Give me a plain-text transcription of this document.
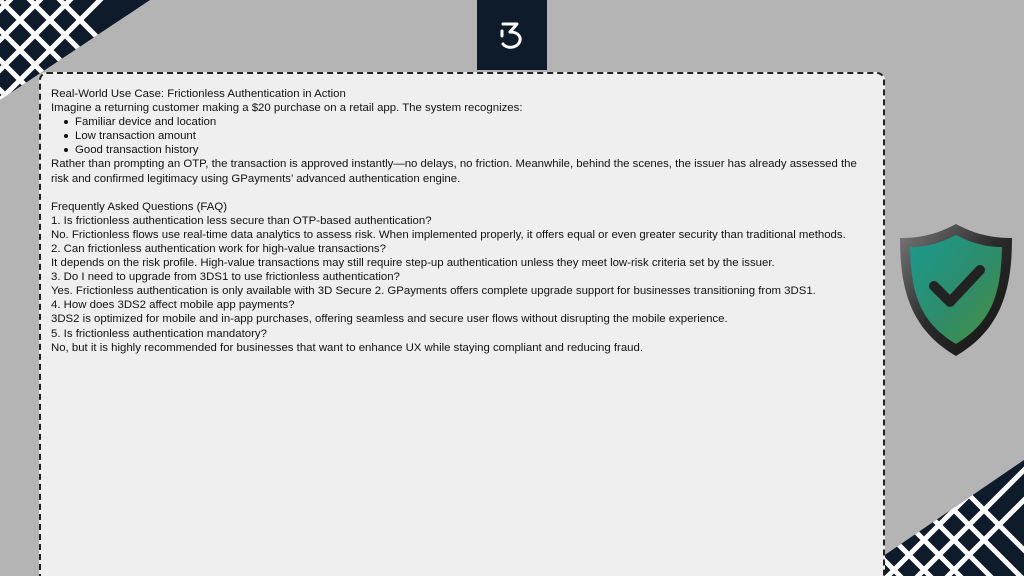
Real-World Use Case: Frictionless Authentication in Action

Imagine a returning customer making a $20 purchase on a retail app. The system recognizes:

Familiar device and location
Low transaction amount
Good transaction history

Rather than prompting an OTP, the transaction is approved instantly—no delays, no friction. Meanwhile, behind the scenes, the issuer has already assessed the risk and confirmed legitimacy using GPayments’ advanced authentication engine.

Frequently Asked Questions (FAQ)
1. Is frictionless authentication less secure than OTP-based authentication?

No. Frictionless flows use real-time data analytics to assess risk. When implemented properly, it offers equal or even greater security than traditional methods.

2. Can frictionless authentication work for high-value transactions?

It depends on the risk profile. High-value transactions may still require step-up authentication unless they meet low-risk criteria set by the issuer.

3. Do I need to upgrade from 3DS1 to use frictionless authentication?

Yes. Frictionless authentication is only available with 3D Secure 2. GPayments offers complete upgrade support for businesses transitioning from 3DS1.

4. How does 3DS2 affect mobile app payments?

3DS2 is optimized for mobile and in-app purchases, offering seamless and secure user flows without disrupting the mobile experience.

5. Is frictionless authentication mandatory?

No, but it is highly recommended for businesses that want to enhance UX while staying compliant and reducing fraud.
